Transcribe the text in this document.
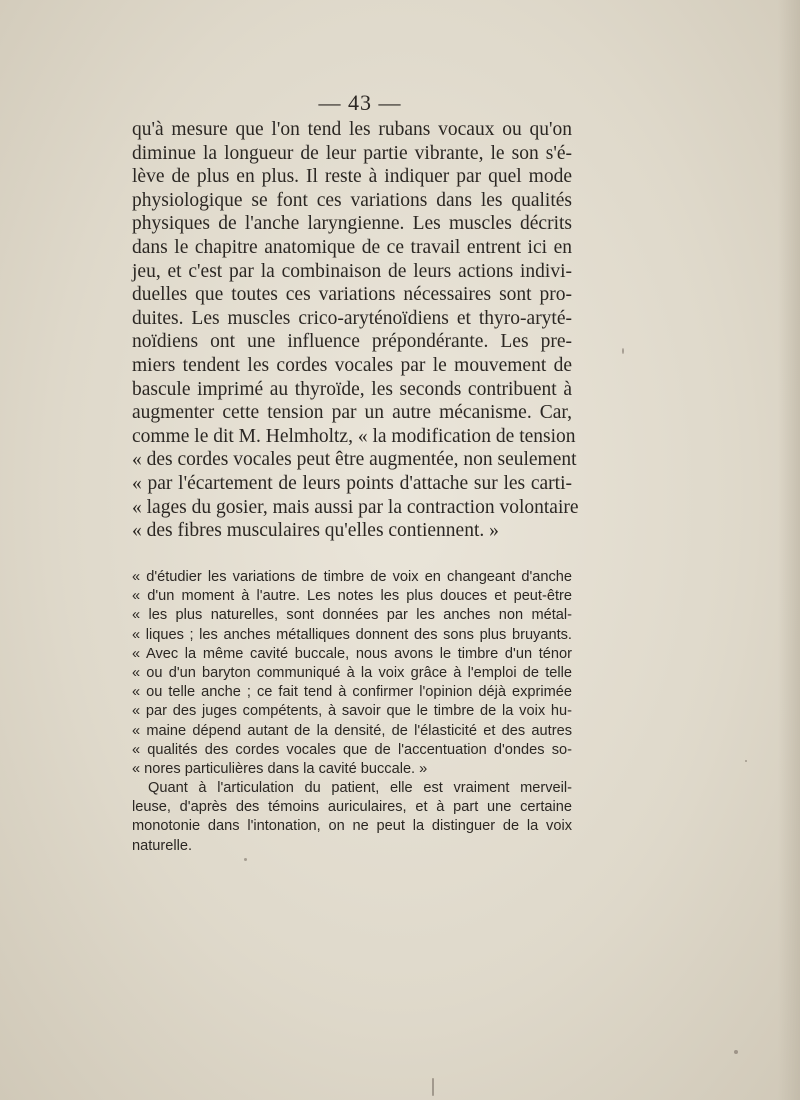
— 43 —
qu'à mesure que l'on tend les rubans vocaux ou qu'on
diminue la longueur de leur partie vibrante, le son s'é-
lève de plus en plus. Il reste à indiquer par quel mode
physiologique se font ces variations dans les qualités
physiques de l'anche laryngienne. Les muscles décrits
dans le chapitre anatomique de ce travail entrent ici en
jeu, et c'est par la combinaison de leurs actions indivi-
duelles que toutes ces variations nécessaires sont pro-
duites. Les muscles crico-aryténoïdiens et thyro-aryté-
noïdiens ont une influence prépondérante. Les pre-
miers tendent les cordes vocales par le mouvement de
bascule imprimé au thyroïde, les seconds contribuent à
augmenter cette tension par un autre mécanisme. Car,
comme le dit M. Helmholtz, « la modification de tension
« des cordes vocales peut être augmentée, non seulement
« par l'écartement de leurs points d'attache sur les carti-
« lages du gosier, mais aussi par la contraction volontaire
« des fibres musculaires qu'elles contiennent. »
« d'étudier les variations de timbre de voix en changeant d'anche
« d'un moment à l'autre. Les notes les plus douces et peut-être
« les plus naturelles, sont données par les anches non métal-
« liques ; les anches métalliques donnent des sons plus bruyants.
« Avec la même cavité buccale, nous avons le timbre d'un ténor
« ou d'un baryton communiqué à la voix grâce à l'emploi de telle
« ou telle anche ; ce fait tend à confirmer l'opinion déjà exprimée
« par des juges compétents, à savoir que le timbre de la voix hu-
« maine dépend autant de la densité, de l'élasticité et des autres
« qualités des cordes vocales que de l'accentuation d'ondes so-
« nores particulières dans la cavité buccale. »
Quant à l'articulation du patient, elle est vraiment merveil-
leuse, d'après des témoins auriculaires, et à part une certaine
monotonie dans l'intonation, on ne peut la distinguer de la voix
naturelle.
